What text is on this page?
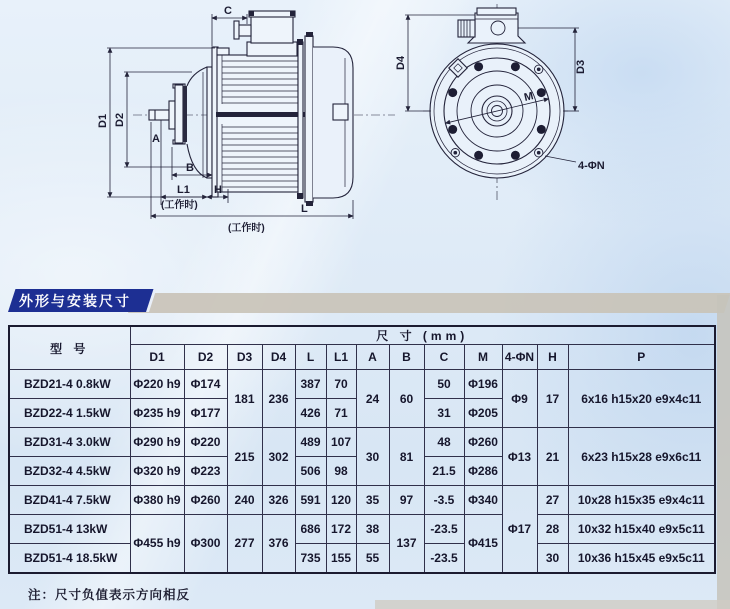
C
D1 D2
A
B
L1
(工作时)
H
L
(工作时)
D4	D3
M
4-ΦN
外形与安装尺寸
型 号	尺 寸 (mm)												
	D1	D2	D3	D4	L	L1	A	B	C	M	4-ΦN	H	P
BZD21-4 0.8kW	Φ220 h9	Φ174	181	236	387	70	24	60	50	Φ196	Φ9	17	6x16 h15x20 e9x4c11
BZD22-4 1.5kW	Φ235 h9	Φ177			426	71			31	Φ205			
BZD31-4 3.0kW	Φ290 h9	Φ220	215	302	489	107	30	81	48	Φ260	Φ13	21	6x23 h15x28 e9x6c11
BZD32-4 4.5kW	Φ320 h9	Φ223			506	98			21.5	Φ286			
BZD41-4 7.5kW	Φ380 h9	Φ260	240	326	591	120	35	97	-3.5	Φ340	Φ17	27	10x28 h15x35 e9x4c11
BZD51-4 13kW	Φ455 h9	Φ300	277	376	686	172	38	137	-23.5	Φ415		28	10x32 h15x40 e9x5c11
BZD51-4 18.5kW					735	155	55		-23.5			30	10x36 h15x45 e9x5c11
注：尺寸负值表示方向相反
